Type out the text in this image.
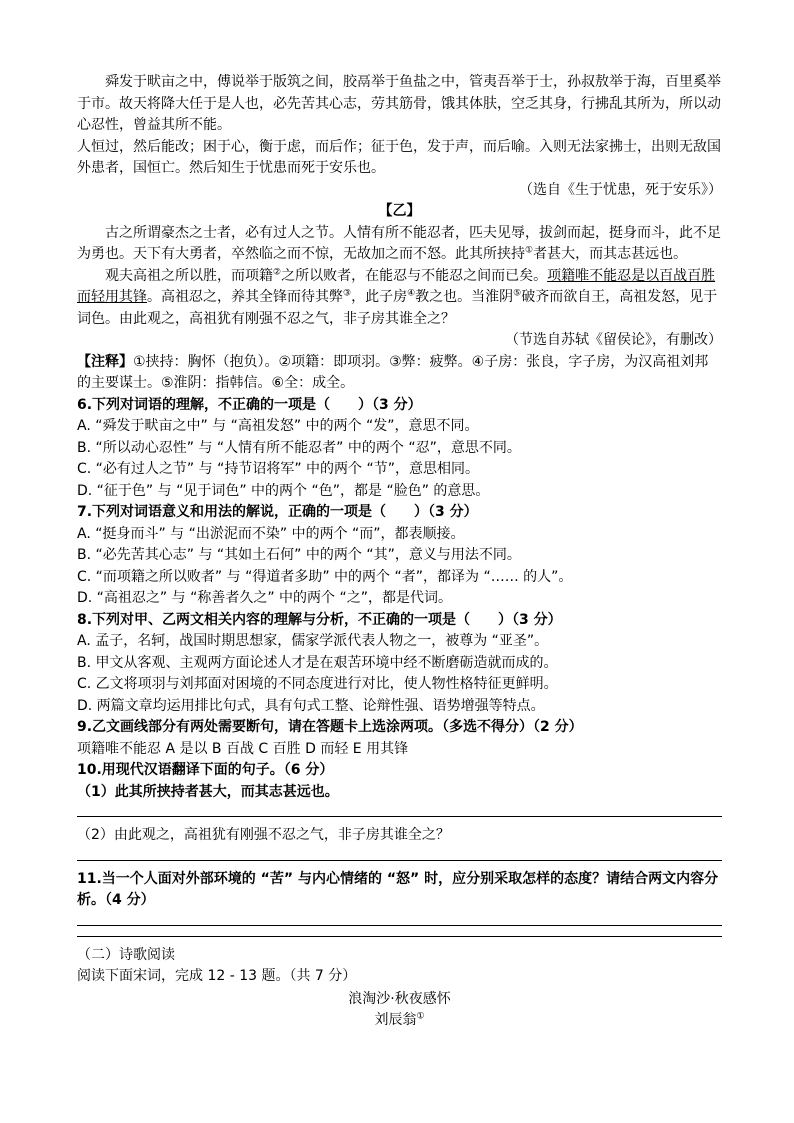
舜发于畎亩之中，傅说举于版筑之间，胶鬲举于鱼盐之中，管夷吾举于士，孙叔敖举于海，百里奚举于市。故天将降大任于是人也，必先苦其心志，劳其筋骨，饿其体肤，空乏其身，行拂乱其所为，所以动心忍性，曾益其所不能。

人恒过，然后能改；困于心，衡于虑，而后作；征于色，发于声，而后喻。入则无法家拂士，出则无敌国外患者，国恒亡。然后知生于忧患而死于安乐也。

（选自《生于忧患，死于安乐》）

【乙】

古之所谓豪杰之士者，必有过人之节。人情有所不能忍者，匹夫见辱，拔剑而起，挺身而斗，此不足为勇也。天下有大勇者，卒然临之而不惊，无故加之而不怒。此其所挟持①者甚大，而其志甚远也。

观夫高祖之所以胜，而项籍②之所以败者，在能忍与不能忍之间而已矣。项籍唯不能忍是以百战百胜而轻用其锋。高祖忍之，养其全锋而待其弊③，此子房④教之也。当淮阴⑤破齐而欲自王，高祖发怒，见于词色。由此观之，高祖犹有刚强不忍之气，非子房其谁全之？

（节选自苏轼《留侯论》，有删改）

【注释】①挟持：胸怀（抱负）。②项籍：即项羽。③弊：疲弊。④子房：张良，字子房，为汉高祖刘邦的主要谋士。⑤淮阴：指韩信。⑥全：成全。

6.下列对词语的理解，不正确的一项是（　　）（3 分）

A. “舜发于畎亩之中” 与 “高祖发怒” 中的两个 “发”，意思不同。

B. “所以动心忍性” 与 “人情有所不能忍者” 中的两个 “忍”，意思不同。

C. “必有过人之节” 与 “持节诏将军” 中的两个 “节”，意思相同。

D. “征于色” 与 “见于词色” 中的两个 “色”，都是 “脸色” 的意思。

7.下列对词语意义和用法的解说，正确的一项是（　　）（3 分）

A. “挺身而斗” 与 “出淤泥而不染” 中的两个 “而”，都表顺接。

B. “必先苦其心志” 与 “其如土石何” 中的两个 “其”，意义与用法不同。

C. “而项籍之所以败者” 与 “得道者多助” 中的两个 “者”，都译为 “…… 的人”。

D. “高祖忍之” 与 “称善者久之” 中的两个 “之”，都是代词。

8.下列对甲、乙两文相关内容的理解与分析，不正确的一项是（　　）（3 分）

A. 孟子，名轲，战国时期思想家，儒家学派代表人物之一，被尊为 “亚圣”。

B. 甲文从客观、主观两方面论述人才是在艰苦环境中经不断磨砺造就而成的。

C. 乙文将项羽与刘邦面对困境的不同态度进行对比，使人物性格特征更鲜明。

D. 两篇文章均运用排比句式，具有句式工整、论辩性强、语势增强等特点。

9.乙文画线部分有两处需要断句，请在答题卡上选涂两项。（多选不得分）（2 分）

项籍唯不能忍 A 是以 B 百战 C 百胜 D 而轻 E 用其锋

10.用现代汉语翻译下面的句子。（6 分）

（1）此其所挟持者甚大，而其志甚远也。

（2）由此观之，高祖犹有刚强不忍之气，非子房其谁全之？

11.当一个人面对外部环境的 “苦” 与内心情绪的 “怒” 时，应分别采取怎样的态度？请结合两文内容分析。（4 分）

（二）诗歌阅读

阅读下面宋词，完成 12 - 13 题。（共 7 分）

浪淘沙·秋夜感怀

刘辰翁①
